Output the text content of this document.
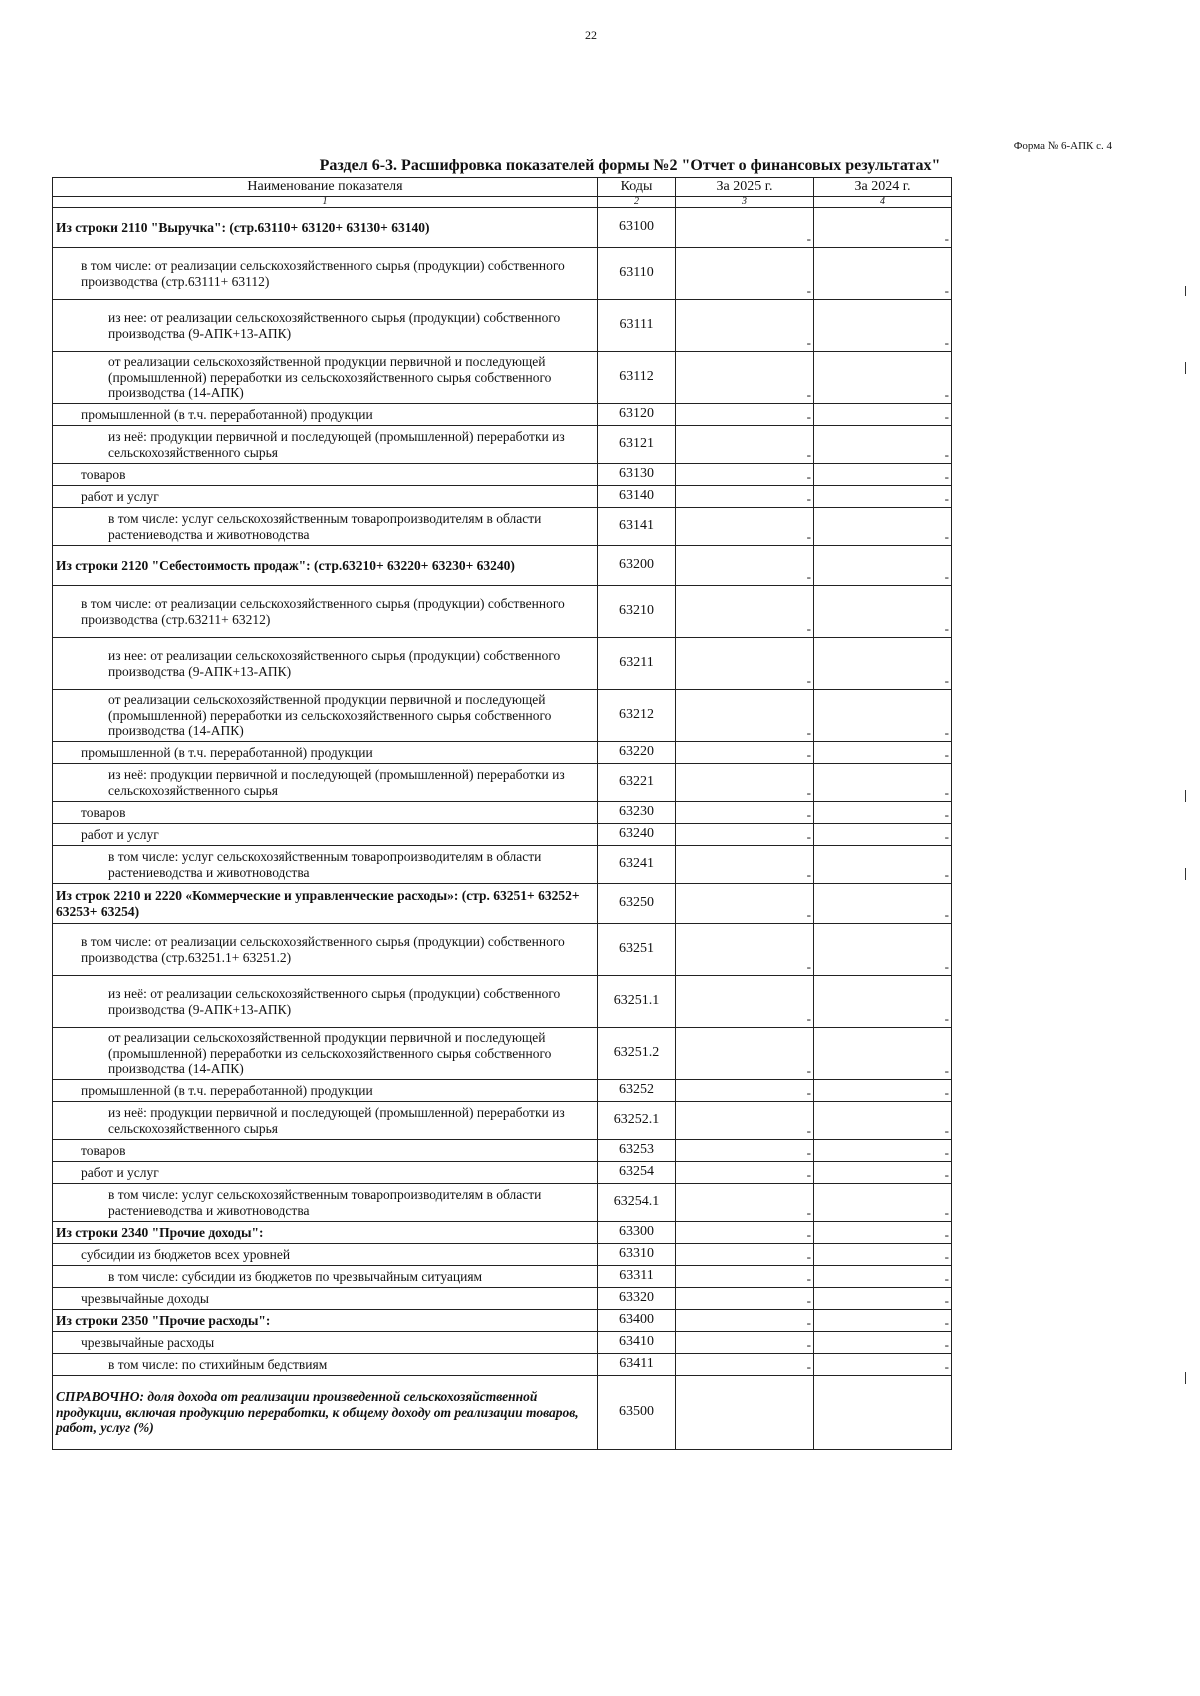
22
Форма № 6-АПК с. 4
Раздел 6-3. Расшифровка показателей формы №2 "Отчет о финансовых результатах"
Наименование показателя	Коды	За 2025 г.	За 2024 г.
1	2	3	4
Из строки 2110 "Выручка": (стр.63110+ 63120+ 63130+ 63140)	63100	-	-
в том числе: от реализации сельскохозяйственного сырья (продукции) собственного производства (стр.63111+ 63112)	63110	-	-
из нее: от реализации сельскохозяйственного сырья (продукции) собственного производства (9-АПК+13-АПК)	63111	-	-
от реализации сельскохозяйственной продукции первичной и последующей (промышленной) переработки из сельскохозяйственного сырья собственного производства (14-АПК)	63112	-	-
промышленной (в т.ч. переработанной) продукции	63120	-	-
из неё: продукции первичной и последующей (промышленной) переработки из сельскохозяйственного сырья	63121	-	-
товаров	63130	-	-
работ и услуг	63140	-	-
в том числе: услуг сельскохозяйственным товаропроизводителям в области растениеводства и животноводства	63141	-	-
Из строки 2120 "Себестоимость продаж": (стр.63210+ 63220+ 63230+ 63240)	63200	-	-
в том числе: от реализации сельскохозяйственного сырья (продукции) собственного производства (стр.63211+ 63212)	63210	-	-
из нее: от реализации сельскохозяйственного сырья (продукции) собственного производства (9-АПК+13-АПК)	63211	-	-
от реализации сельскохозяйственной продукции первичной и последующей (промышленной) переработки из сельскохозяйственного сырья собственного производства (14-АПК)	63212	-	-
промышленной (в т.ч. переработанной) продукции	63220	-	-
из неё: продукции первичной и последующей (промышленной) переработки из сельскохозяйственного сырья	63221	-	-
товаров	63230	-	-
работ и услуг	63240	-	-
в том числе: услуг сельскохозяйственным товаропроизводителям в области растениеводства и животноводства	63241	-	-
Из строк 2210 и 2220 «Коммерческие и управленческие расходы»: (стр. 63251+ 63252+ 63253+ 63254)	63250	-	-
в том числе: от реализации сельскохозяйственного сырья (продукции) собственного производства (стр.63251.1+ 63251.2)	63251	-	-
из неё: от реализации сельскохозяйственного сырья (продукции) собственного производства (9-АПК+13-АПК)	63251.1	-	-
от реализации сельскохозяйственной продукции первичной и последующей (промышленной) переработки из сельскохозяйственного сырья собственного производства (14-АПК)	63251.2	-	-
промышленной (в т.ч. переработанной) продукции	63252	-	-
из неё: продукции первичной и последующей (промышленной) переработки из сельскохозяйственного сырья	63252.1	-	-
товаров	63253	-	-
работ и услуг	63254	-	-
в том числе: услуг сельскохозяйственным товаропроизводителям в области растениеводства и животноводства	63254.1	-	-
Из строки 2340 "Прочие доходы":	63300	-	-
субсидии из бюджетов всех уровней	63310	-	-
в том числе: субсидии из бюджетов по чрезвычайным ситуациям	63311	-	-
чрезвычайные доходы	63320	-	-
Из строки 2350 "Прочие расходы":	63400	-	-
чрезвычайные расходы	63410	-	-
в том числе: по стихийным бедствиям	63411	-	-
СПРАВОЧНО: доля дохода от реализации произведенной сельскохозяйственной продукции, включая продукцию переработки, к общему доходу от реализации товаров, работ, услуг (%)	63500		
